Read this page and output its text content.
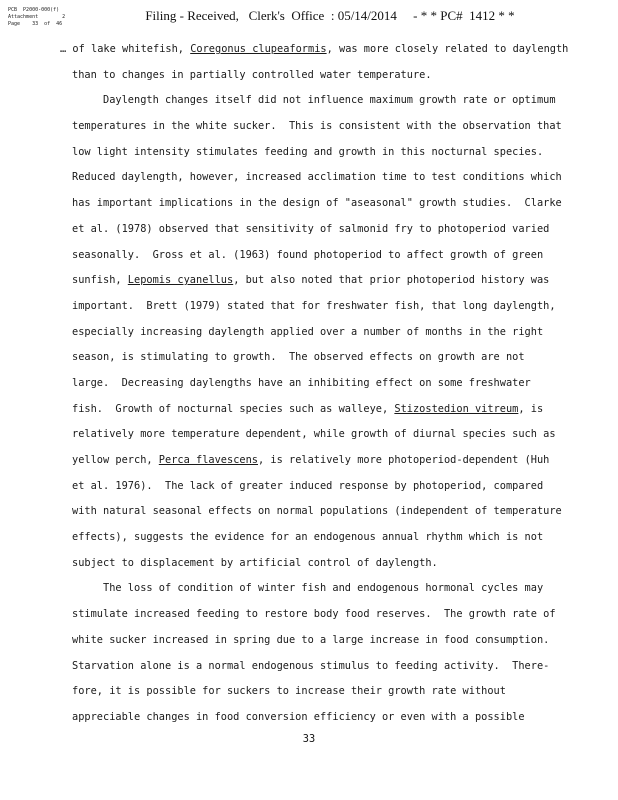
PCB  P2000-000(f)
Attachment        2
Page    33  of  46
Filing - Received,   Clerk's  Office  : 05/14/2014     - * * PC#  1412 * *
… of lake whitefish, Coregonus clupeaformis, was more closely related to daylength
than to changes in partially controlled water temperature.
Daylength changes itself did not influence maximum growth rate or optimum
temperatures in the white sucker.  This is consistent with the observation that
low light intensity stimulates feeding and growth in this nocturnal species.
Reduced daylength, however, increased acclimation time to test conditions which
has important implications in the design of "aseasonal" growth studies.  Clarke
et al. (1978) observed that sensitivity of salmonid fry to photoperiod varied
seasonally.  Gross et al. (1963) found photoperiod to affect growth of green
sunfish, Lepomis cyanellus, but also noted that prior photoperiod history was
important.  Brett (1979) stated that for freshwater fish, that long daylength,
especially increasing daylength applied over a number of months in the right
season, is stimulating to growth.  The observed effects on growth are not
large.  Decreasing daylengths have an inhibiting effect on some freshwater
fish.  Growth of nocturnal species such as walleye, Stizostedion vitreum, is
relatively more temperature dependent, while growth of diurnal species such as
yellow perch, Perca flavescens, is relatively more photoperiod-dependent (Huh
et al. 1976).  The lack of greater induced response by photoperiod, compared
with natural seasonal effects on normal populations (independent of temperature
effects), suggests the evidence for an endogenous annual rhythm which is not
subject to displacement by artificial control of daylength.
The loss of condition of winter fish and endogenous hormonal cycles may
stimulate increased feeding to restore body food reserves.  The growth rate of
white sucker increased in spring due to a large increase in food consumption.
Starvation alone is a normal endogenous stimulus to feeding activity.  There-
fore, it is possible for suckers to increase their growth rate without
appreciable changes in food conversion efficiency or even with a possible
33
